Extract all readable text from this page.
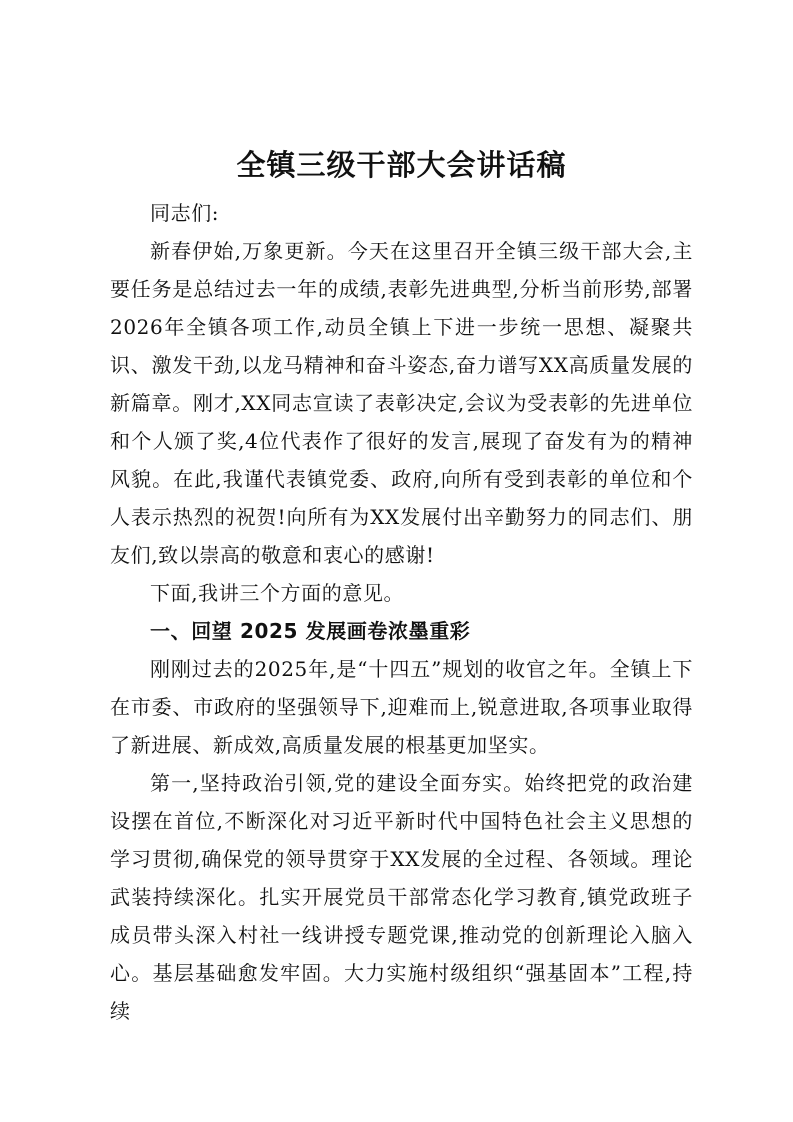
全镇三级干部大会讲话稿

同志们:

新春伊始,万象更新。今天在这里召开全镇三级干部大会,主要任务是总结过去一年的成绩,表彰先进典型,分析当前形势,部署2026年全镇各项工作,动员全镇上下进一步统一思想、凝聚共识、激发干劲,以龙马精神和奋斗姿态,奋力谱写XX高质量发展的新篇章。刚才,XX同志宣读了表彰决定,会议为受表彰的先进单位和个人颁了奖,4位代表作了很好的发言,展现了奋发有为的精神风貌。在此,我谨代表镇党委、政府,向所有受到表彰的单位和个人表示热烈的祝贺!向所有为XX发展付出辛勤努力的同志们、朋友们,致以崇高的敬意和衷心的感谢!

下面,我讲三个方面的意见。

一、回望 2025 发展画卷浓墨重彩

刚刚过去的2025年,是“十四五”规划的收官之年。全镇上下在市委、市政府的坚强领导下,迎难而上,锐意进取,各项事业取得了新进展、新成效,高质量发展的根基更加坚实。

第一,坚持政治引领,党的建设全面夯实。始终把党的政治建设摆在首位,不断深化对习近平新时代中国特色社会主义思想的学习贯彻,确保党的领导贯穿于XX发展的全过程、各领域。理论武装持续深化。扎实开展党员干部常态化学习教育,镇党政班子成员带头深入村社一线讲授专题党课,推动党的创新理论入脑入心。基层基础愈发牢固。大力实施村级组织“强基固本”工程,持续
